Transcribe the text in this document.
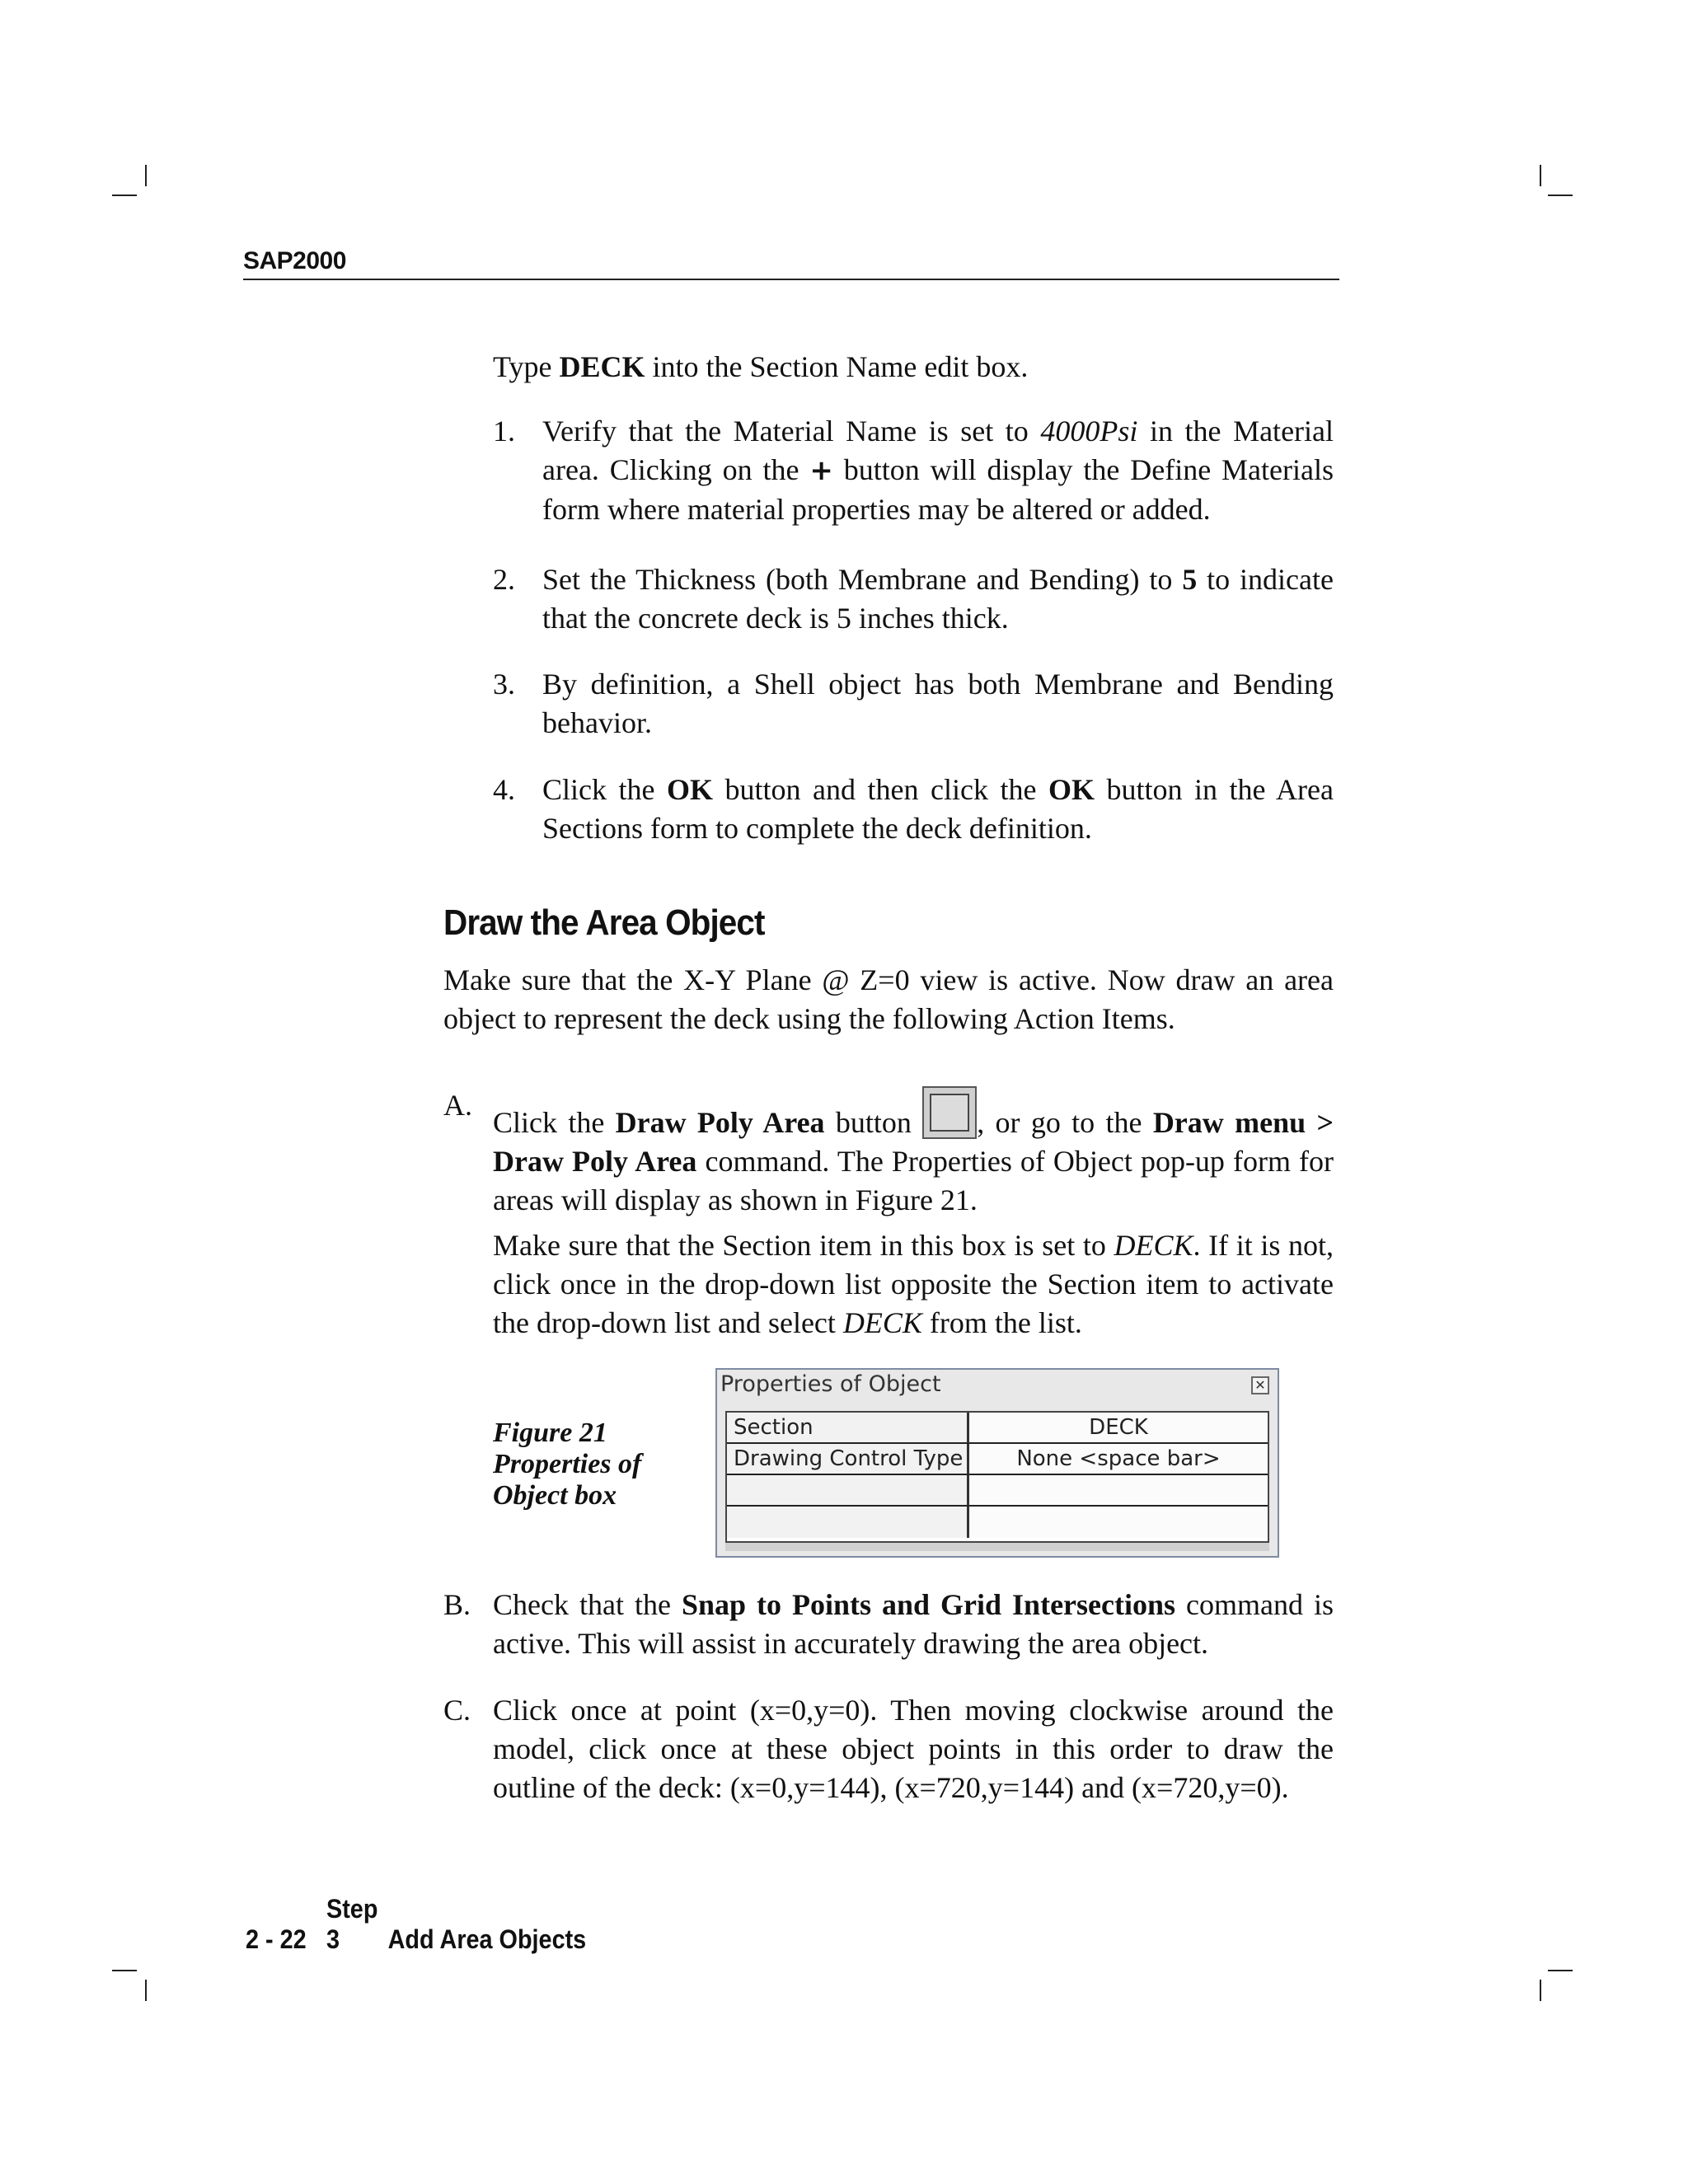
SAP2000
Type DECK into the Section Name edit box.
1. Verify that the Material Name is set to 4000Psi in the Material area. Clicking on the + button will display the Define Materials form where material properties may be altered or added.
2. Set the Thickness (both Membrane and Bending) to 5 to indicate that the concrete deck is 5 inches thick.
3. By definition, a Shell object has both Membrane and Bending behavior.
4. Click the OK button and then click the OK button in the Area Sections form to complete the deck definition.
Draw the Area Object
Make sure that the X-Y Plane @ Z=0 view is active. Now draw an area object to represent the deck using the following Action Items.
A.
Click the Draw Poly Area button , or go to the Draw menu > Draw Poly Area command. The Properties of Object pop-up form for areas will display as shown in Figure 21.
Make sure that the Section item in this box is set to DECK. If it is not, click once in the drop-down list opposite the Section item to activate the drop-down list and select DECK from the list.
Figure 21
Properties of
Object box
Properties of Object	✕
Section	DECK
Drawing Control Type	None <space bar>
B. Check that the Snap to Points and Grid Intersections command is active. This will assist in accurately drawing the area object.
C. Click once at point (x=0,y=0). Then moving clockwise around the model, click once at these object points in this order to draw the outline of the deck: (x=0,y=144), (x=720,y=144) and (x=720,y=0).
2 - 22 Step 3 Add Area Objects
